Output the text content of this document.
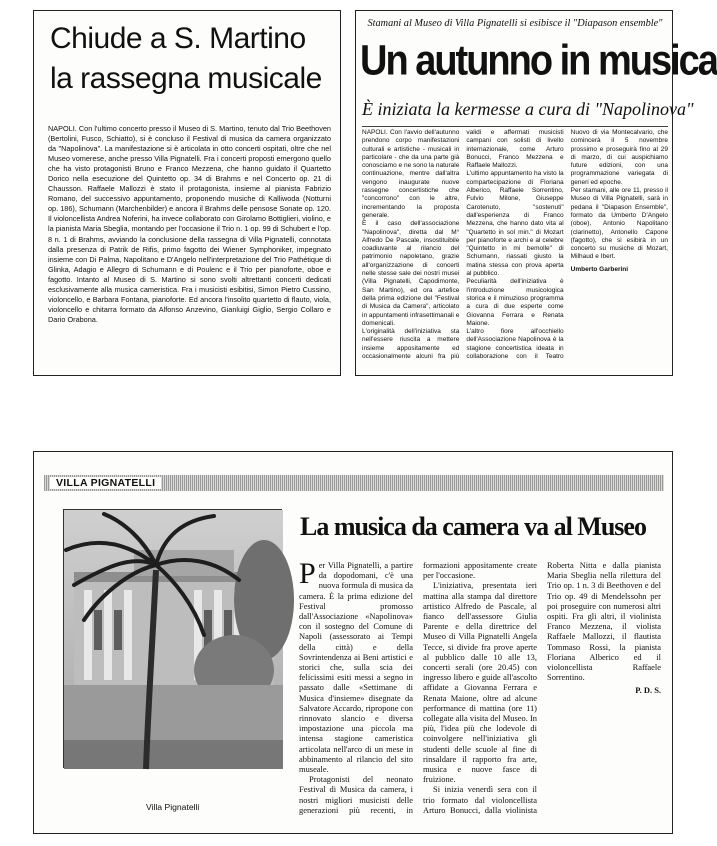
Chiude a S. Martino
la rassegna musicale
NAPOLI. Con l'ultimo concerto presso il Museo di S. Martino, tenuto dal Trio Beethoven (Bertolini, Fusco, Schiatto), si è concluso il Festival di musica da camera organizzato da "Napolinova". La manifestazione si è articolata in otto concerti ospitati, oltre che nel Museo vomerese, anche presso Villa Pignatelli. Fra i concerti proposti emergono quello che ha visto protagonisti Bruno e Franco Mezzena, che hanno guidato il Quartetto Dorico nella esecuzione del Quintetto op. 34 di Brahms e nel Concerto op. 21 di Chausson. Raffaele Mallozzi è stato il protagonista, insieme al pianista Fabrizio Romano, del successivo appuntamento, proponendo musiche di Kalliwoda (Notturni op. 186), Schumann (Marchenbilder) e ancora il Brahms delle pensose Sonate op. 120. Il violoncellista Andrea Noferini, ha invece collaborato con Girolamo Bottiglieri, violino, e la pianista Maria Sbeglia, montando per l'occasione il Trio n. 1 op. 99 di Schubert e l'op. 8 n. 1 di Brahms, avviando la conclusione della rassegna di Villa Pignatelli, connotata dalla presenza di Patrik de Rifis, primo fagotto dei Wiener Symphoniker, impegnato insieme con Di Palma, Napolitano e D'Angelo nell'interpretazione del Trio Pathétique di Glinka, Adagio e Allegro di Schumann e di Poulenc e il Trio per pianoforte, oboe e fagotto. Intanto al Museo di S. Martino si sono svolti altrettanti concerti dedicati esclusivamente alla musica cameristica. Fra i musicisti esibitisi, Simon Pietro Cussino, violoncello, e Barbara Fontana, pianoforte. Ed ancora l'insolito quartetto di flauto, viola, violoncello e chitarra formato da Alfonso Anzevino, Gianluigi Giglio, Sergio Collaro e Dario Orabona.
Stamani al Museo di Villa Pignatelli si esibisce il "Diapason ensemble"
Un autunno in musica
È iniziata la kermesse a cura di "Napolinova"

NAPOLI. Con l'avvio dell'autunno prendono corpo manifestazioni culturali e artistiche - musicali in particolare - che da una parte già conosciamo e ne sono la naturale continuazione, mentre dall'altra vengono inaugurate nuove rassegne concertistiche che "concorrono" con le altre, incrementando la proposta generale.

È il caso dell'associazione "Napolinova", diretta dal M° Alfredo De Pascale, insostituibile coadiuvante al rilancio del patrimonio napoletano, grazie all'organizzazione di concerti nelle stesse sale dei nostri musei (Villa Pignatelli, Capodimonte, San Martino), ed ora artefice della prima edizione del "Festival di Musica da Camera", articolato in appuntamenti infrasettimanali e domenicali.

L'originalità dell'iniziativa sta nell'essere riuscita a mettere insieme appositamente ed occasionalmente alcuni fra più validi e affermati musicisti campani con solisti di livello internazionale, come Arturo Bonucci, Franco Mezzena e Raffaele Mallozzi.

L'ultimo appuntamento ha visto la compartecipazione di Floriana Alberico, Raffaele Sorrentino, Fulvio Milone, Giuseppe Carotenuto, "sostenuti" dall'esperienza di Franco Mezzena, che hanno dato vita al "Quartetto in sol min." di Mozart per pianoforte e archi e al celebre "Quintetto in mi bemolle" di Schumann, riassati giusto la matina stessa con prova aperta al pubblico.

Peculiarità dell'iniziativa è l'introduzione musicologica storica e il minuzioso programma a cura di due esperte come Giovanna Ferrara e Renata Maione.

L'altro fiore all'occhiello dell'Associazione Napolinova è la stagione concertistica ideata in collaborazione con il Teatro Nuovo di via Montecalvario, che comincerà il 5 novembre prossimo e proseguirà fino al 29 di marzo, di cui auspichiamo future edizioni, con una programmazione variegata di generi ed epoche.

Per stamani, alle ore 11, presso il Museo di Villa Pignatelli, sarà in pedana il "Diapason Ensemble", formato da Umberto D'Angelo (oboe), Antonio Napolitano (clarinetto), Antonello Capone (fagotto), che si esibirà in un concerto su musiche di Mozart, Milhaud e Ibert.

Umberto Garberini

VILLA PIGNATELLI
Villa Pignatelli
La musica da camera va al Museo

Per Villa Pignatelli, a partire da dopodomani, c'è una nuova formula di musica da camera. È la prima edizione del Festival promosso dall'Associazione «Napolinova» con il sostegno del Comune di Napoli (assessorato ai Tempi della città) e della Sovrintendenza ai Beni artistici e storici che, sulla scia dei felicissimi esiti messi a segno in passato dalle «Settimane di Musica d'insieme» disegnate da Salvatore Accardo, ripropone con rinnovato slancio e diversa impostazione una piccola ma intensa stagione cameristica articolata nell'arco di un mese in abbinamento al rilancio del sito museale.

Protagonisti del neonato Festival di Musica da camera, i nostri migliori musicisti delle generazioni più recenti, in formazioni appositamente create per l'occasione.

L'iniziativa, presentata ieri mattina alla stampa dal direttore artistico Alfredo de Pascale, al fianco dell'assessore Giulia Parente e della direttrice del Museo di Villa Pignatelli Angela Tecce, si divide fra prove aperte al pubblico dalle 10 alle 13, concerti serali (ore 20.45) con ingresso libero e guide all'ascolto affidate a Giovanna Ferrara e Renata Maione, oltre ad alcune performance di mattina (ore 11) collegate alla visita del Museo. In più, l'idea più che lodevole di coinvolgere nell'iniziativa gli studenti delle scuole al fine di rinsaldare il rapporto fra arte, musica e nuove fasce di fruizione.

Si inizia venerdì sera con il trio formato dal violoncellista Arturo Bonucci, dalla violinista Roberta Nitta e dalla pianista Maria Sbeglia nella rilettura del Trio op. 1 n. 3 di Beethoven e del Trio op. 49 di Mendelssohn per poi proseguire con numerosi altri ospiti. Fra gli altri, il violinista Franco Mezzena, il violista Raffaele Mallozzi, il flautista Tommaso Rossi, la pianista Floriana Alberico ed il violoncellista Raffaele Sorrentino.

P. D. S.
